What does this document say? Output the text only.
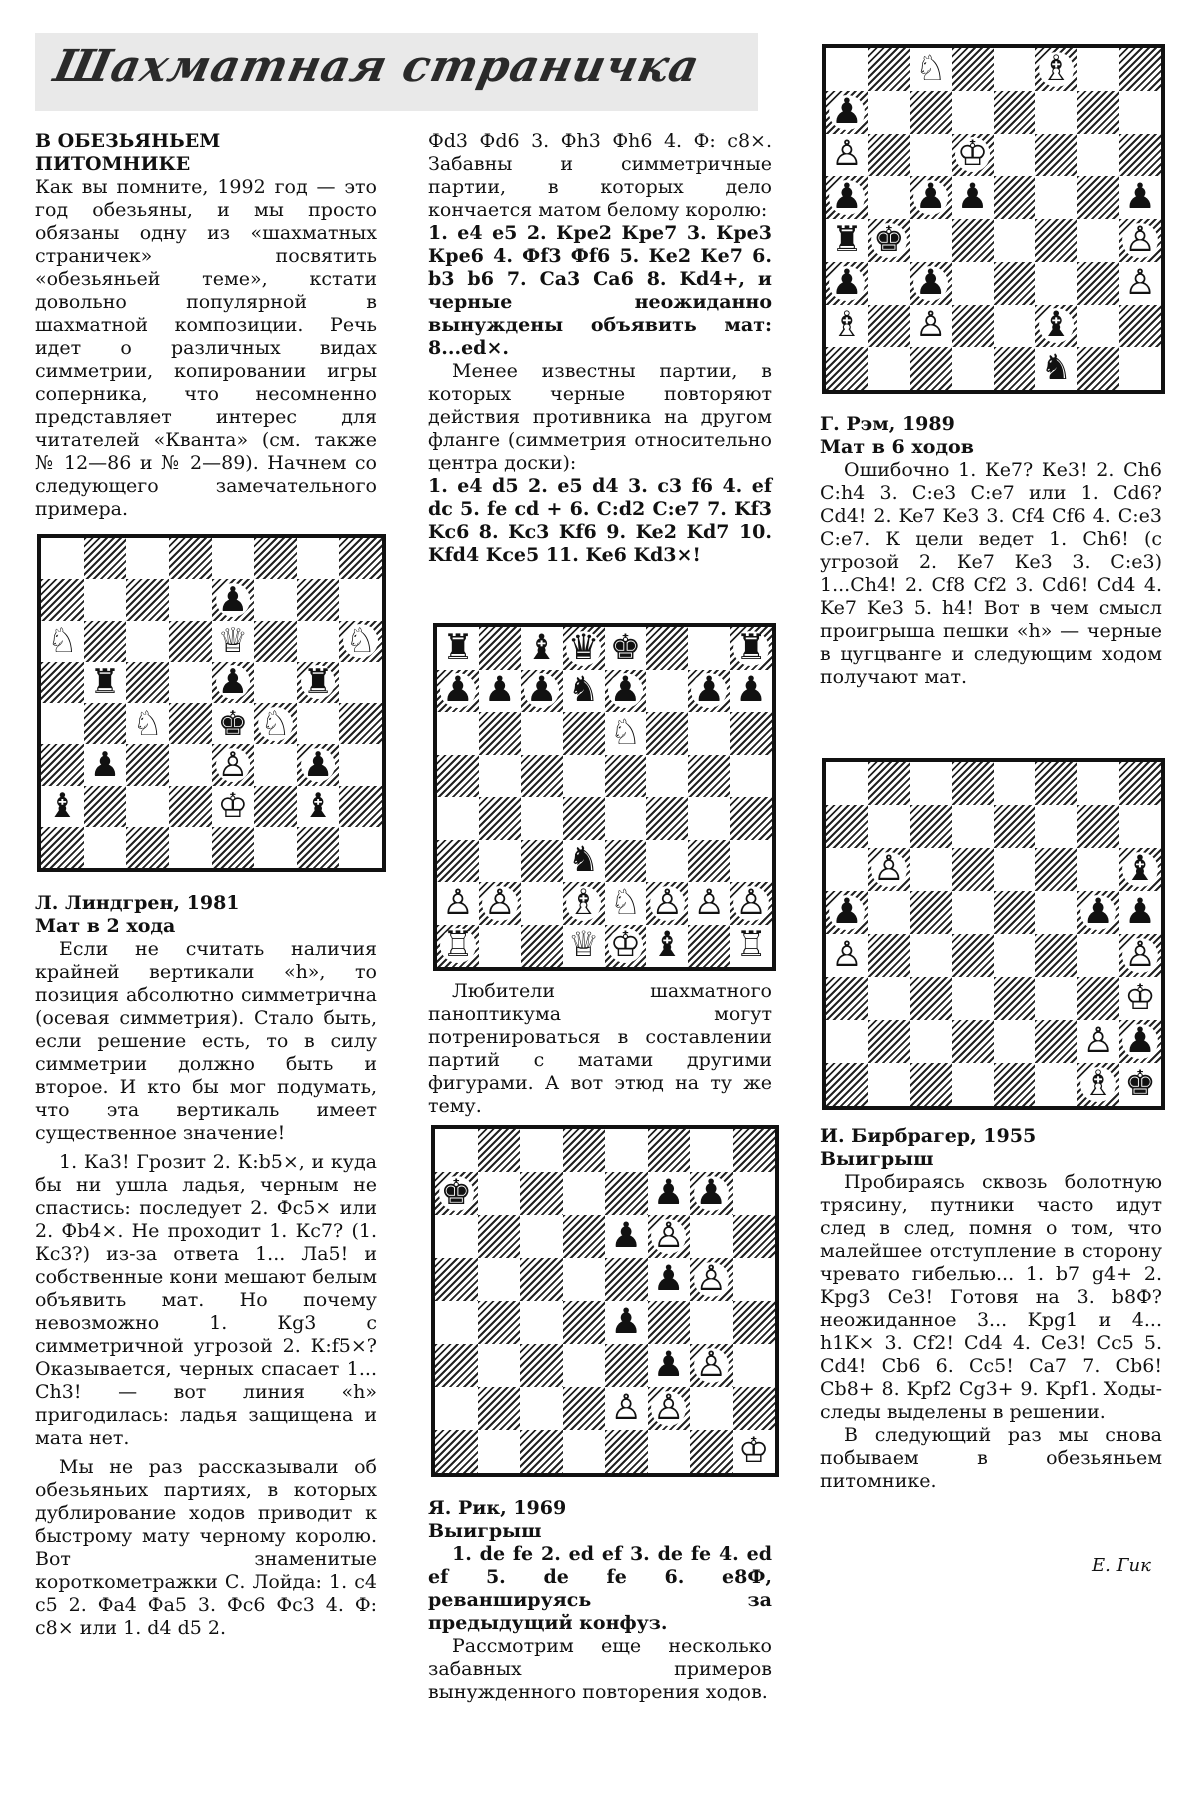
Шахматная страничка

В ОБЕЗЬЯНЬЕМ ПИТОМНИКЕ

Как вы помните, 1992 год — это год обезьяны, и мы просто обязаны одну из «шахматных страничек» посвятить «обезьяньей теме», кстати довольно популярной в шахматной композиции. Речь идет о различных видах симметрии, копировании игры соперника, что несомненно представляет интерес для читателей «Кванта» (см. также № 12—86 и № 2—89). Начнем со следующего замечательного примера.

♟
♘	♕	♘
♜	♟ ♜
♘ ♚ ♘
♟	♙ ♟
♝	♔ ♝

Л. Линдгрен, 1981

Мат в 2 хода

Если не считать наличия крайней вертикали «h», то позиция абсолютно симметрична (осевая симметрия). Стало быть, если решение есть, то в силу симметрии должно быть и второе. И кто бы мог подумать, что эта вертикаль имеет существенное значение!

1. Ка3! Грозит 2. К:b5×, и куда бы ни ушла ладья, черным не спастись: последует 2. Фс5× или 2. Фb4×. Не проходит 1. Кс7? (1. Кс3?) из-за ответа 1... Ла5! и собственные кони мешают белым объявить мат. Но почему невозможно 1. Кg3 с симметричной угрозой 2. К:f5×? Оказывается, черных спасает 1... Ch3! — вот линия «h» пригодилась: ладья защищена и мата нет.

Мы не раз рассказывали об обезьяньих партиях, в которых дублирование ходов приводит к быстрому мату черному королю. Вот знаменитые короткометражки С. Лойда: 1. с4 с5 2. Фа4 Фа5 3. Фс6 Фс3 4. Ф: с8× или 1. d4 d5 2.

Фd3 Фd6 3. Фh3 Фh6 4. Ф: с8×. Забавны и симметричные партии, в которых дело кончается матом белому королю:

1. е4 е5 2. Кре2 Кре7 3. Кре3 Кре6 4. Фf3 Фf6 5. Ке2 Ке7 6. b3 b6 7. Са3 Са6 8. Kd4+, и черные неожиданно вынуждены объявить мат: 8...ed×.

Менее известны партии, в которых черные повторяют действия противника на другом фланге (симметрия относительно центра доски):

1. е4 d5 2. е5 d4 3. с3 f6 4. ef dc 5. fe cd + 6. C:d2 C:e7 7. Kf3 Kc6 8. Kc3 Kf6 9. Ke2 Kd7 10. Kfd4 Kce5 11. Ke6 Kd3×!

♜ ♝ ♛ ♚	♜
♟ ♟ ♟ ♞ ♟ ♟ ♟
♘
♞
♙ ♙ ♗ ♘ ♙ ♙ ♙
♖	♕ ♔ ♝ ♖

Любители шахматного паноптикума могут потренироваться в составлении партий с матами другими фигурами. А вот этюд на ту же тему.

♚	♟ ♟
♟ ♙
♟ ♙
♟
♟ ♙
♙ ♙
♔

Я. Рик, 1969

Выигрыш

1. de fe 2. ed ef 3. de fe 4. ed ef 5. de fe 6. e8Ф, реваншируясь за предыдущий конфуз.

Рассмотрим еще несколько забавных примеров вынужденного повторения ходов.

♘	♗
♟
♙	♔
♟ ♟ ♟	♟
♜ ♚	♙
♟ ♟	♙
♗ ♙	♝
♞

Г. Рэм, 1989

Мат в 6 ходов

Ошибочно 1. Ке7? Ке3! 2. Ch6 C:h4 3. C:e3 C:e7 или 1. Cd6? Cd4! 2. Ke7 Ke3 3. Cf4 Cf6 4. C:e3 C:e7. К цели ведет 1. Ch6! (с угрозой 2. Ке7 Ке3 3. С:е3) 1...Ch4! 2. Cf8 Cf2 3. Cd6! Cd4 4. Ke7 Ke3 5. h4! Вот в чем смысл проигрыша пешки «h» — черные в цугцванге и следующим ходом получают мат.

♙	♝
♟	♟ ♟
♙	♙
♔
♙ ♟
♗ ♚

И. Бирбрагер, 1955

Выигрыш

Пробираясь сквозь болотную трясину, путники часто идут след в след, помня о том, что малейшее отступление в сторону чревато гибелью... 1. b7 g4+ 2. Kpg3 Ce3! Готовя на 3. b8Ф? неожиданное 3... Kpg1 и 4... h1K× 3. Cf2! Cd4 4. Ce3! Cc5 5. Cd4! Cb6 6. Cc5! Ca7 7. Cb6! Cb8+ 8. Kpf2 Cg3+ 9. Kpf1. Ходы-следы выделены в решении.

В следующий раз мы снова побываем в обезьяньем питомнике.

Е. Гик
